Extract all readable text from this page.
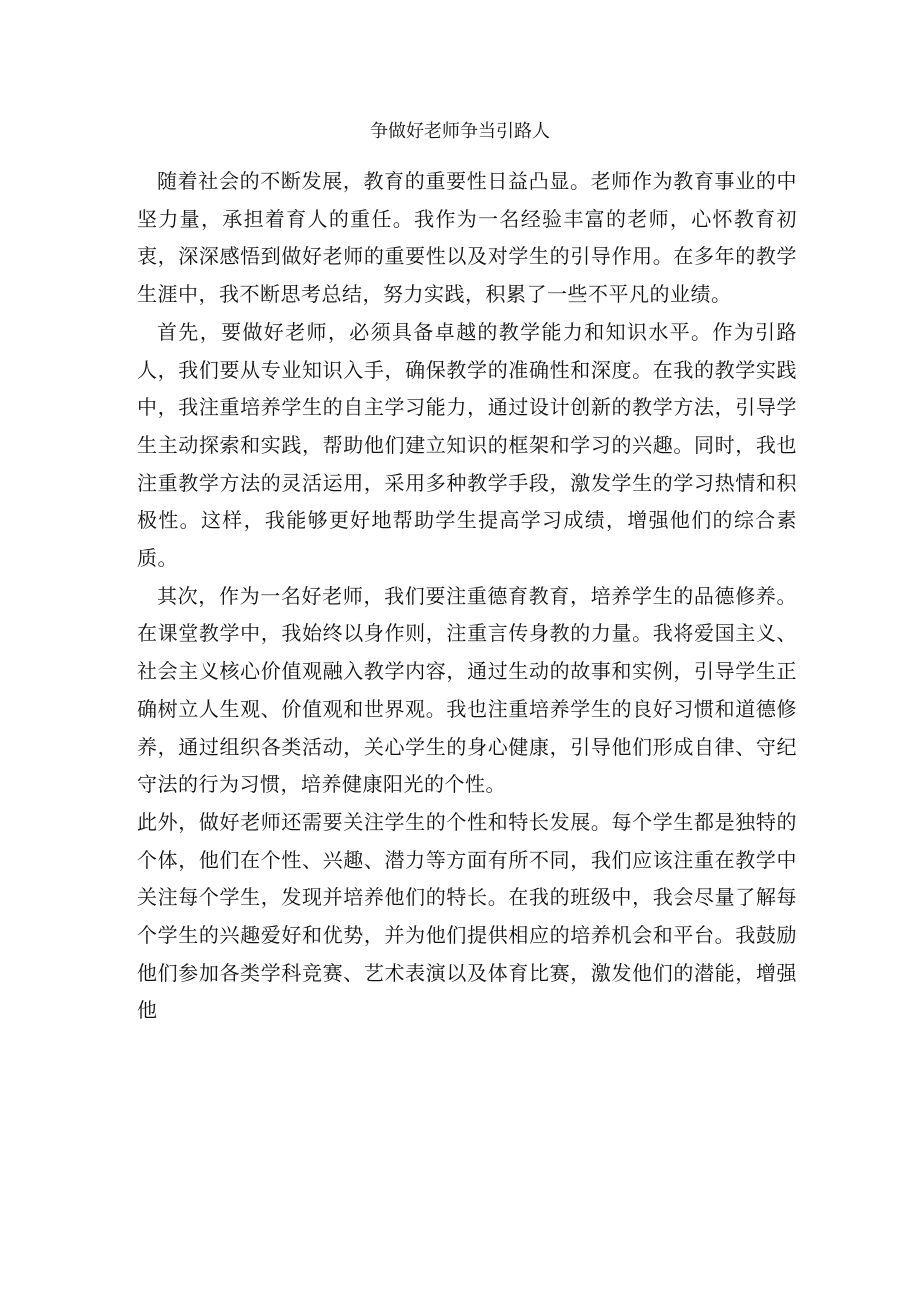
争做好老师争当引路人

随着社会的不断发展，教育的重要性日益凸显。老师作为教育事业的中坚力量，承担着育人的重任。我作为一名经验丰富的老师，心怀教育初衷，深深感悟到做好老师的重要性以及对学生的引导作用。在多年的教学生涯中，我不断思考总结，努力实践，积累了一些不平凡的业绩。

首先，要做好老师，必须具备卓越的教学能力和知识水平。作为引路人，我们要从专业知识入手，确保教学的准确性和深度。在我的教学实践中，我注重培养学生的自主学习能力，通过设计创新的教学方法，引导学生主动探索和实践，帮助他们建立知识的框架和学习的兴趣。同时，我也注重教学方法的灵活运用，采用多种教学手段，激发学生的学习热情和积极性。这样，我能够更好地帮助学生提高学习成绩，增强他们的综合素质。

其次，作为一名好老师，我们要注重德育教育，培养学生的品德修养。在课堂教学中，我始终以身作则，注重言传身教的力量。我将爱国主义、社会主义核心价值观融入教学内容，通过生动的故事和实例，引导学生正确树立人生观、价值观和世界观。我也注重培养学生的良好习惯和道德修养，通过组织各类活动，关心学生的身心健康，引导他们形成自律、守纪守法的行为习惯，培养健康阳光的个性。

此外，做好老师还需要关注学生的个性和特长发展。每个学生都是独特的个体，他们在个性、兴趣、潜力等方面有所不同，我们应该注重在教学中关注每个学生，发现并培养他们的特长。在我的班级中，我会尽量了解每个学生的兴趣爱好和优势，并为他们提供相应的培养机会和平台。我鼓励他们参加各类学科竞赛、艺术表演以及体育比赛，激发他们的潜能，增强他
